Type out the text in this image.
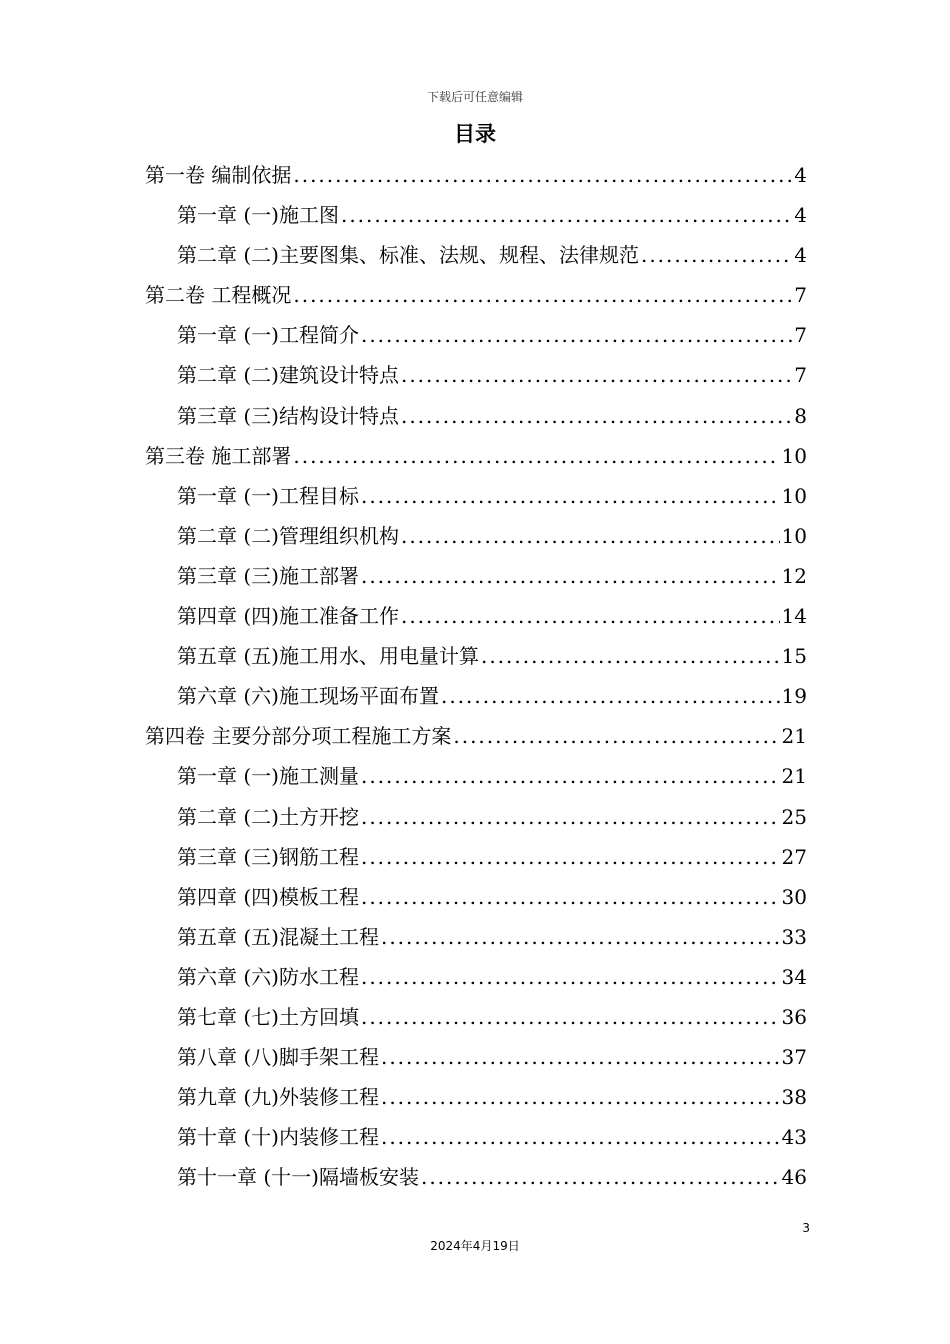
下载后可任意编辑
目录
第一卷 编制依据 .....	4
第一章 (一)施工图 .....	4
第二章 (二)主要图集、标准、法规、规程、法律规范 .....	4
第二卷 工程概况 .....	7
第一章 (一)工程简介 .....	7
第二章 (二)建筑设计特点 .....	7
第三章 (三)结构设计特点 .....	8
第三卷 施工部署 .....	10
第一章 (一)工程目标 .....	10
第二章 (二)管理组织机构 .....	10
第三章 (三)施工部署 .....	12
第四章 (四)施工准备工作 .....	14
第五章 (五)施工用水、用电量计算 .....	15
第六章 (六)施工现场平面布置 .....	19
第四卷 主要分部分项工程施工方案 .....	21
第一章 (一)施工测量 .....	21
第二章 (二)土方开挖 .....	25
第三章 (三)钢筋工程 .....	27
第四章 (四)模板工程 .....	30
第五章 (五)混凝土工程 .....	33
第六章 (六)防水工程 .....	34
第七章 (七)土方回填 .....	36
第八章 (八)脚手架工程 .....	37
第九章 (九)外装修工程 .....	38
第十章 (十)内装修工程 .....	43
第十一章 (十一)隔墙板安装 .....	46
3
2024年4月19日
